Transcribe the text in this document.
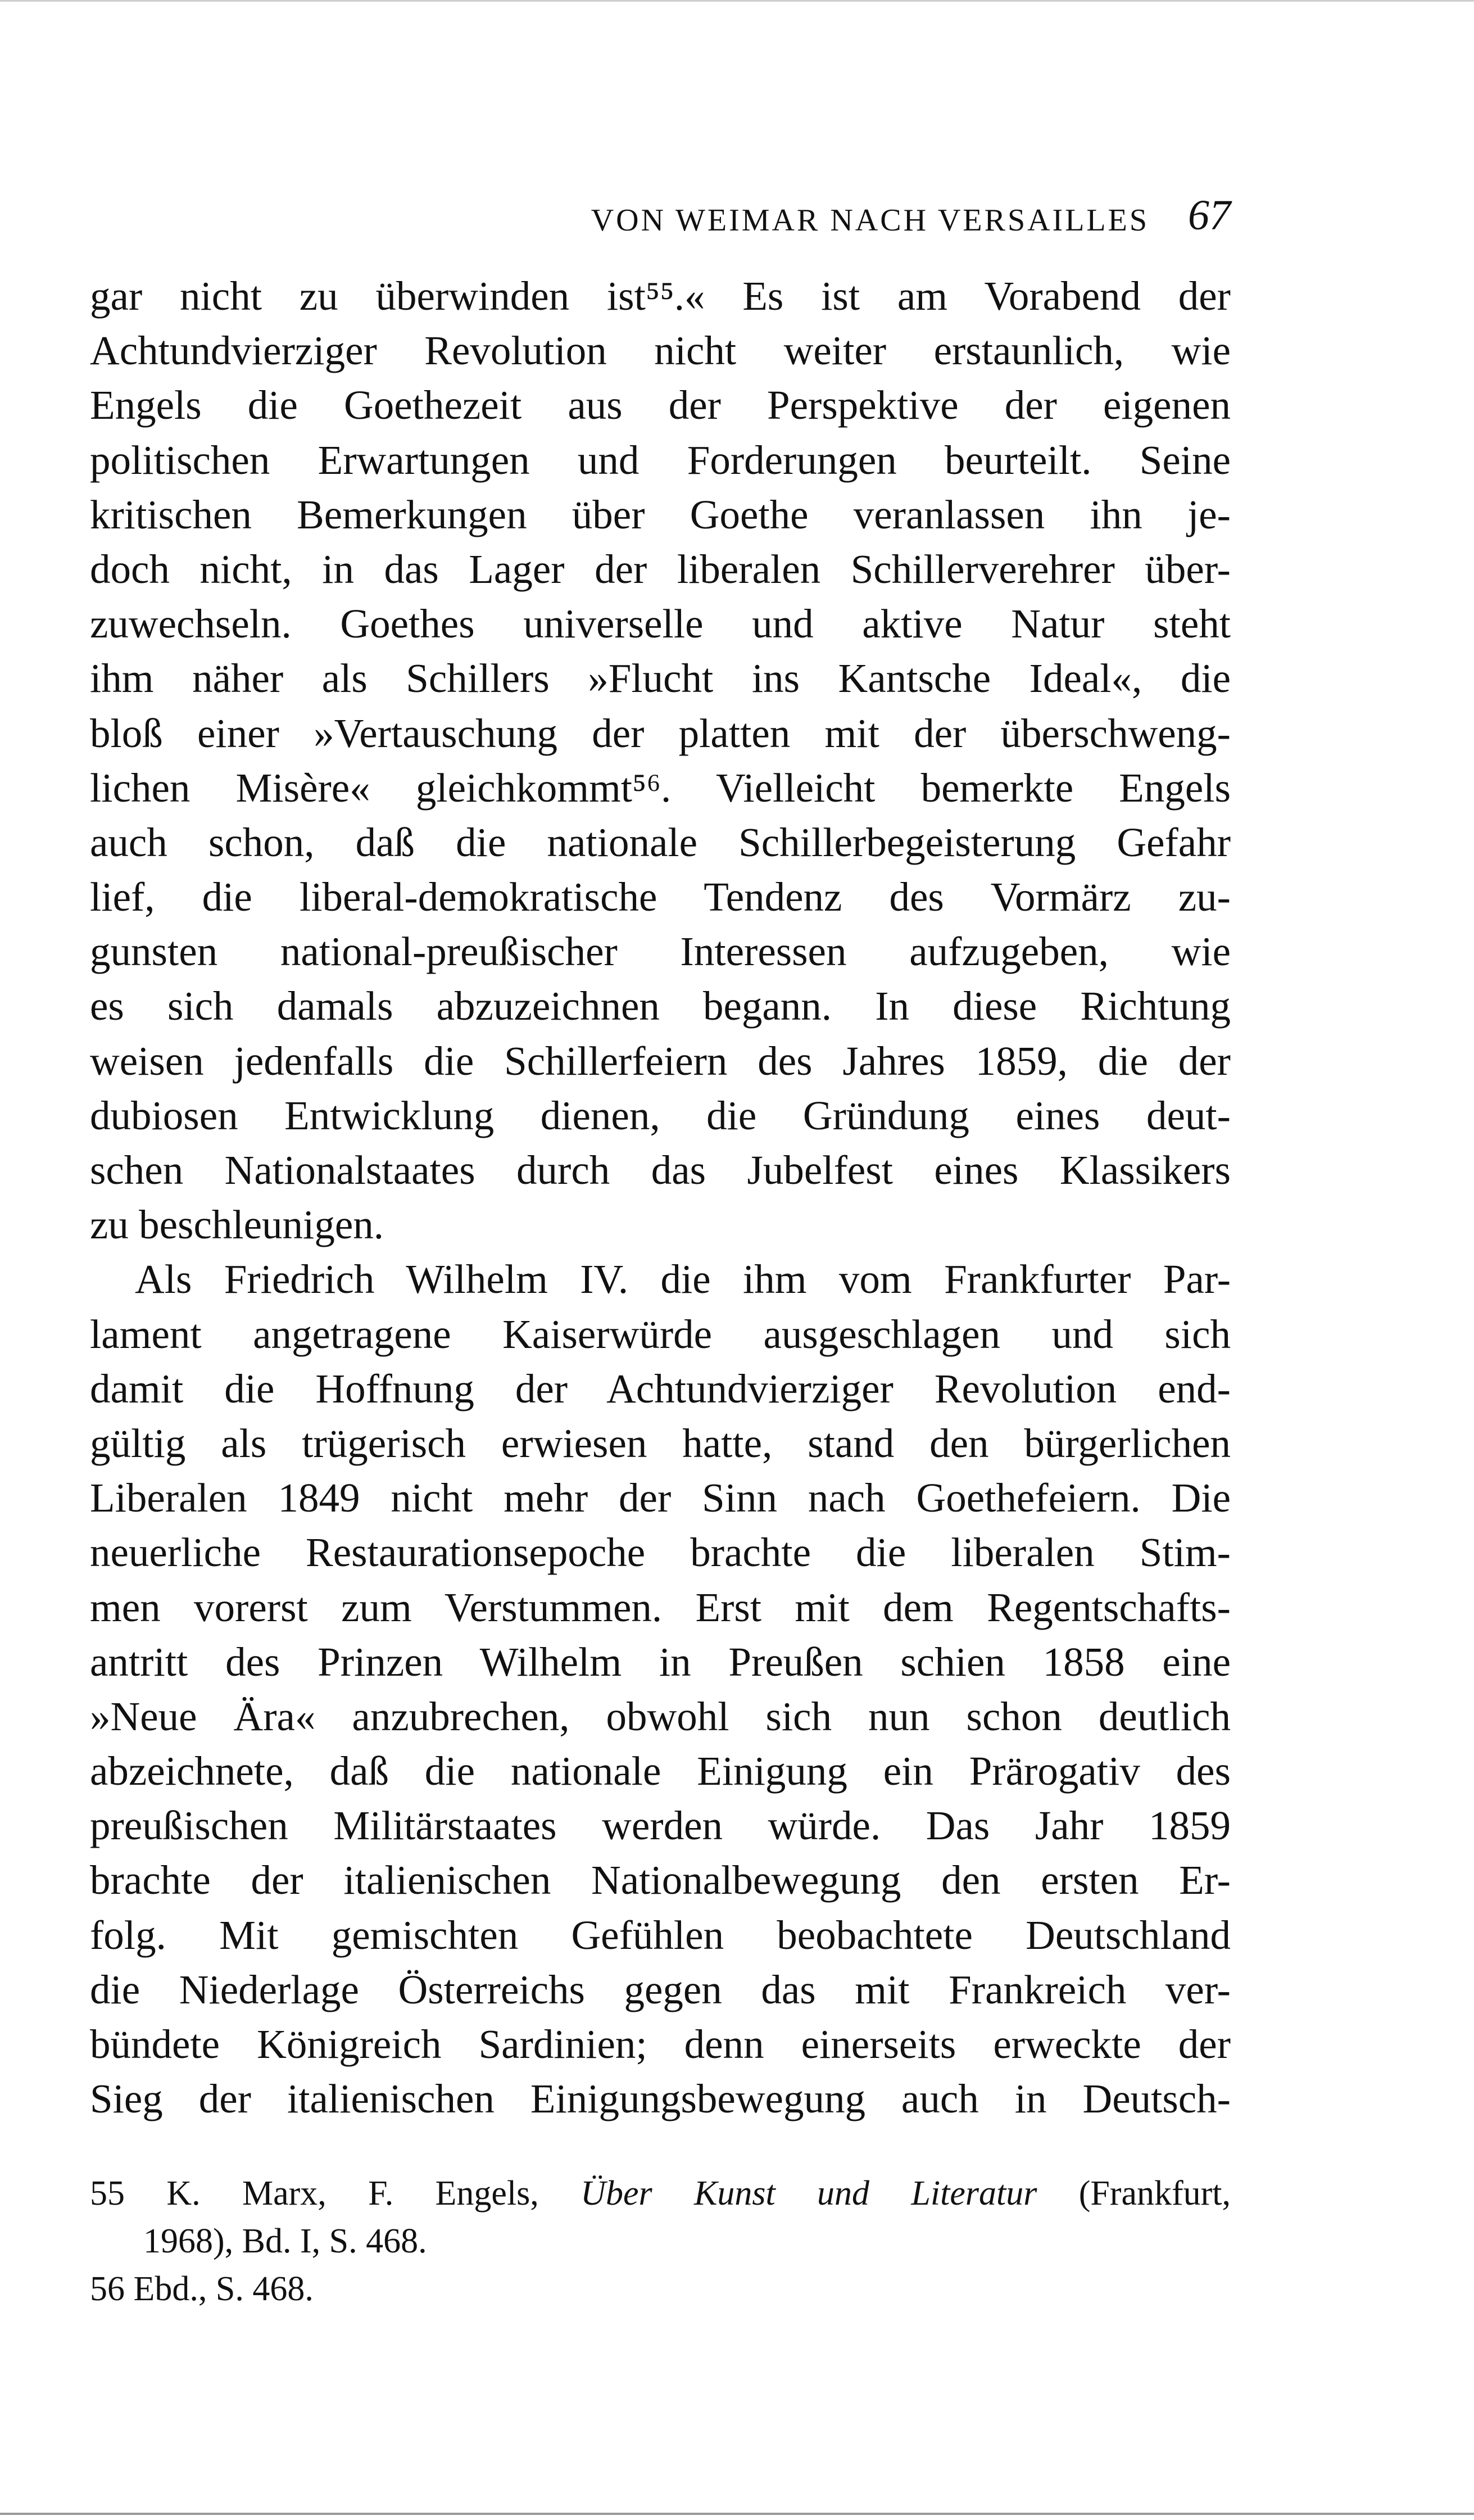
VON WEIMAR NACH VERSAILLES 67
gar nicht zu überwinden ist⁵⁵.« Es ist am Vorabend der
Achtundvierziger Revolution nicht weiter erstaunlich, wie
Engels die Goethezeit aus der Perspektive der eigenen
politischen Erwartungen und Forderungen beurteilt. Seine
kritischen Bemerkungen über Goethe veranlassen ihn je-
doch nicht, in das Lager der liberalen Schillerverehrer über-
zuwechseln. Goethes universelle und aktive Natur steht
ihm näher als Schillers »Flucht ins Kantsche Ideal«, die
bloß einer »Vertauschung der platten mit der überschweng-
lichen Misère« gleichkommt⁵⁶. Vielleicht bemerkte Engels
auch schon, daß die nationale Schillerbegeisterung Gefahr
lief, die liberal-demokratische Tendenz des Vormärz zu-
gunsten national-preußischer Interessen aufzugeben, wie
es sich damals abzuzeichnen begann. In diese Richtung
weisen jedenfalls die Schillerfeiern des Jahres 1859, die der
dubiosen Entwicklung dienen, die Gründung eines deut-
schen Nationalstaates durch das Jubelfest eines Klassikers
zu beschleunigen.
Als Friedrich Wilhelm IV. die ihm vom Frankfurter Par-
lament angetragene Kaiserwürde ausgeschlagen und sich
damit die Hoffnung der Achtundvierziger Revolution end-
gültig als trügerisch erwiesen hatte, stand den bürgerlichen
Liberalen 1849 nicht mehr der Sinn nach Goethefeiern. Die
neuerliche Restaurationsepoche brachte die liberalen Stim-
men vorerst zum Verstummen. Erst mit dem Regentschafts-
antritt des Prinzen Wilhelm in Preußen schien 1858 eine
»Neue Ära« anzubrechen, obwohl sich nun schon deutlich
abzeichnete, daß die nationale Einigung ein Prärogativ des
preußischen Militärstaates werden würde. Das Jahr 1859
brachte der italienischen Nationalbewegung den ersten Er-
folg. Mit gemischten Gefühlen beobachtete Deutschland
die Niederlage Österreichs gegen das mit Frankreich ver-
bündete Königreich Sardinien; denn einerseits erweckte der
Sieg der italienischen Einigungsbewegung auch in Deutsch-
55 K. Marx, F. Engels, Über Kunst und Literatur (Frankfurt,
1968), Bd. I, S. 468.
56 Ebd., S. 468.
